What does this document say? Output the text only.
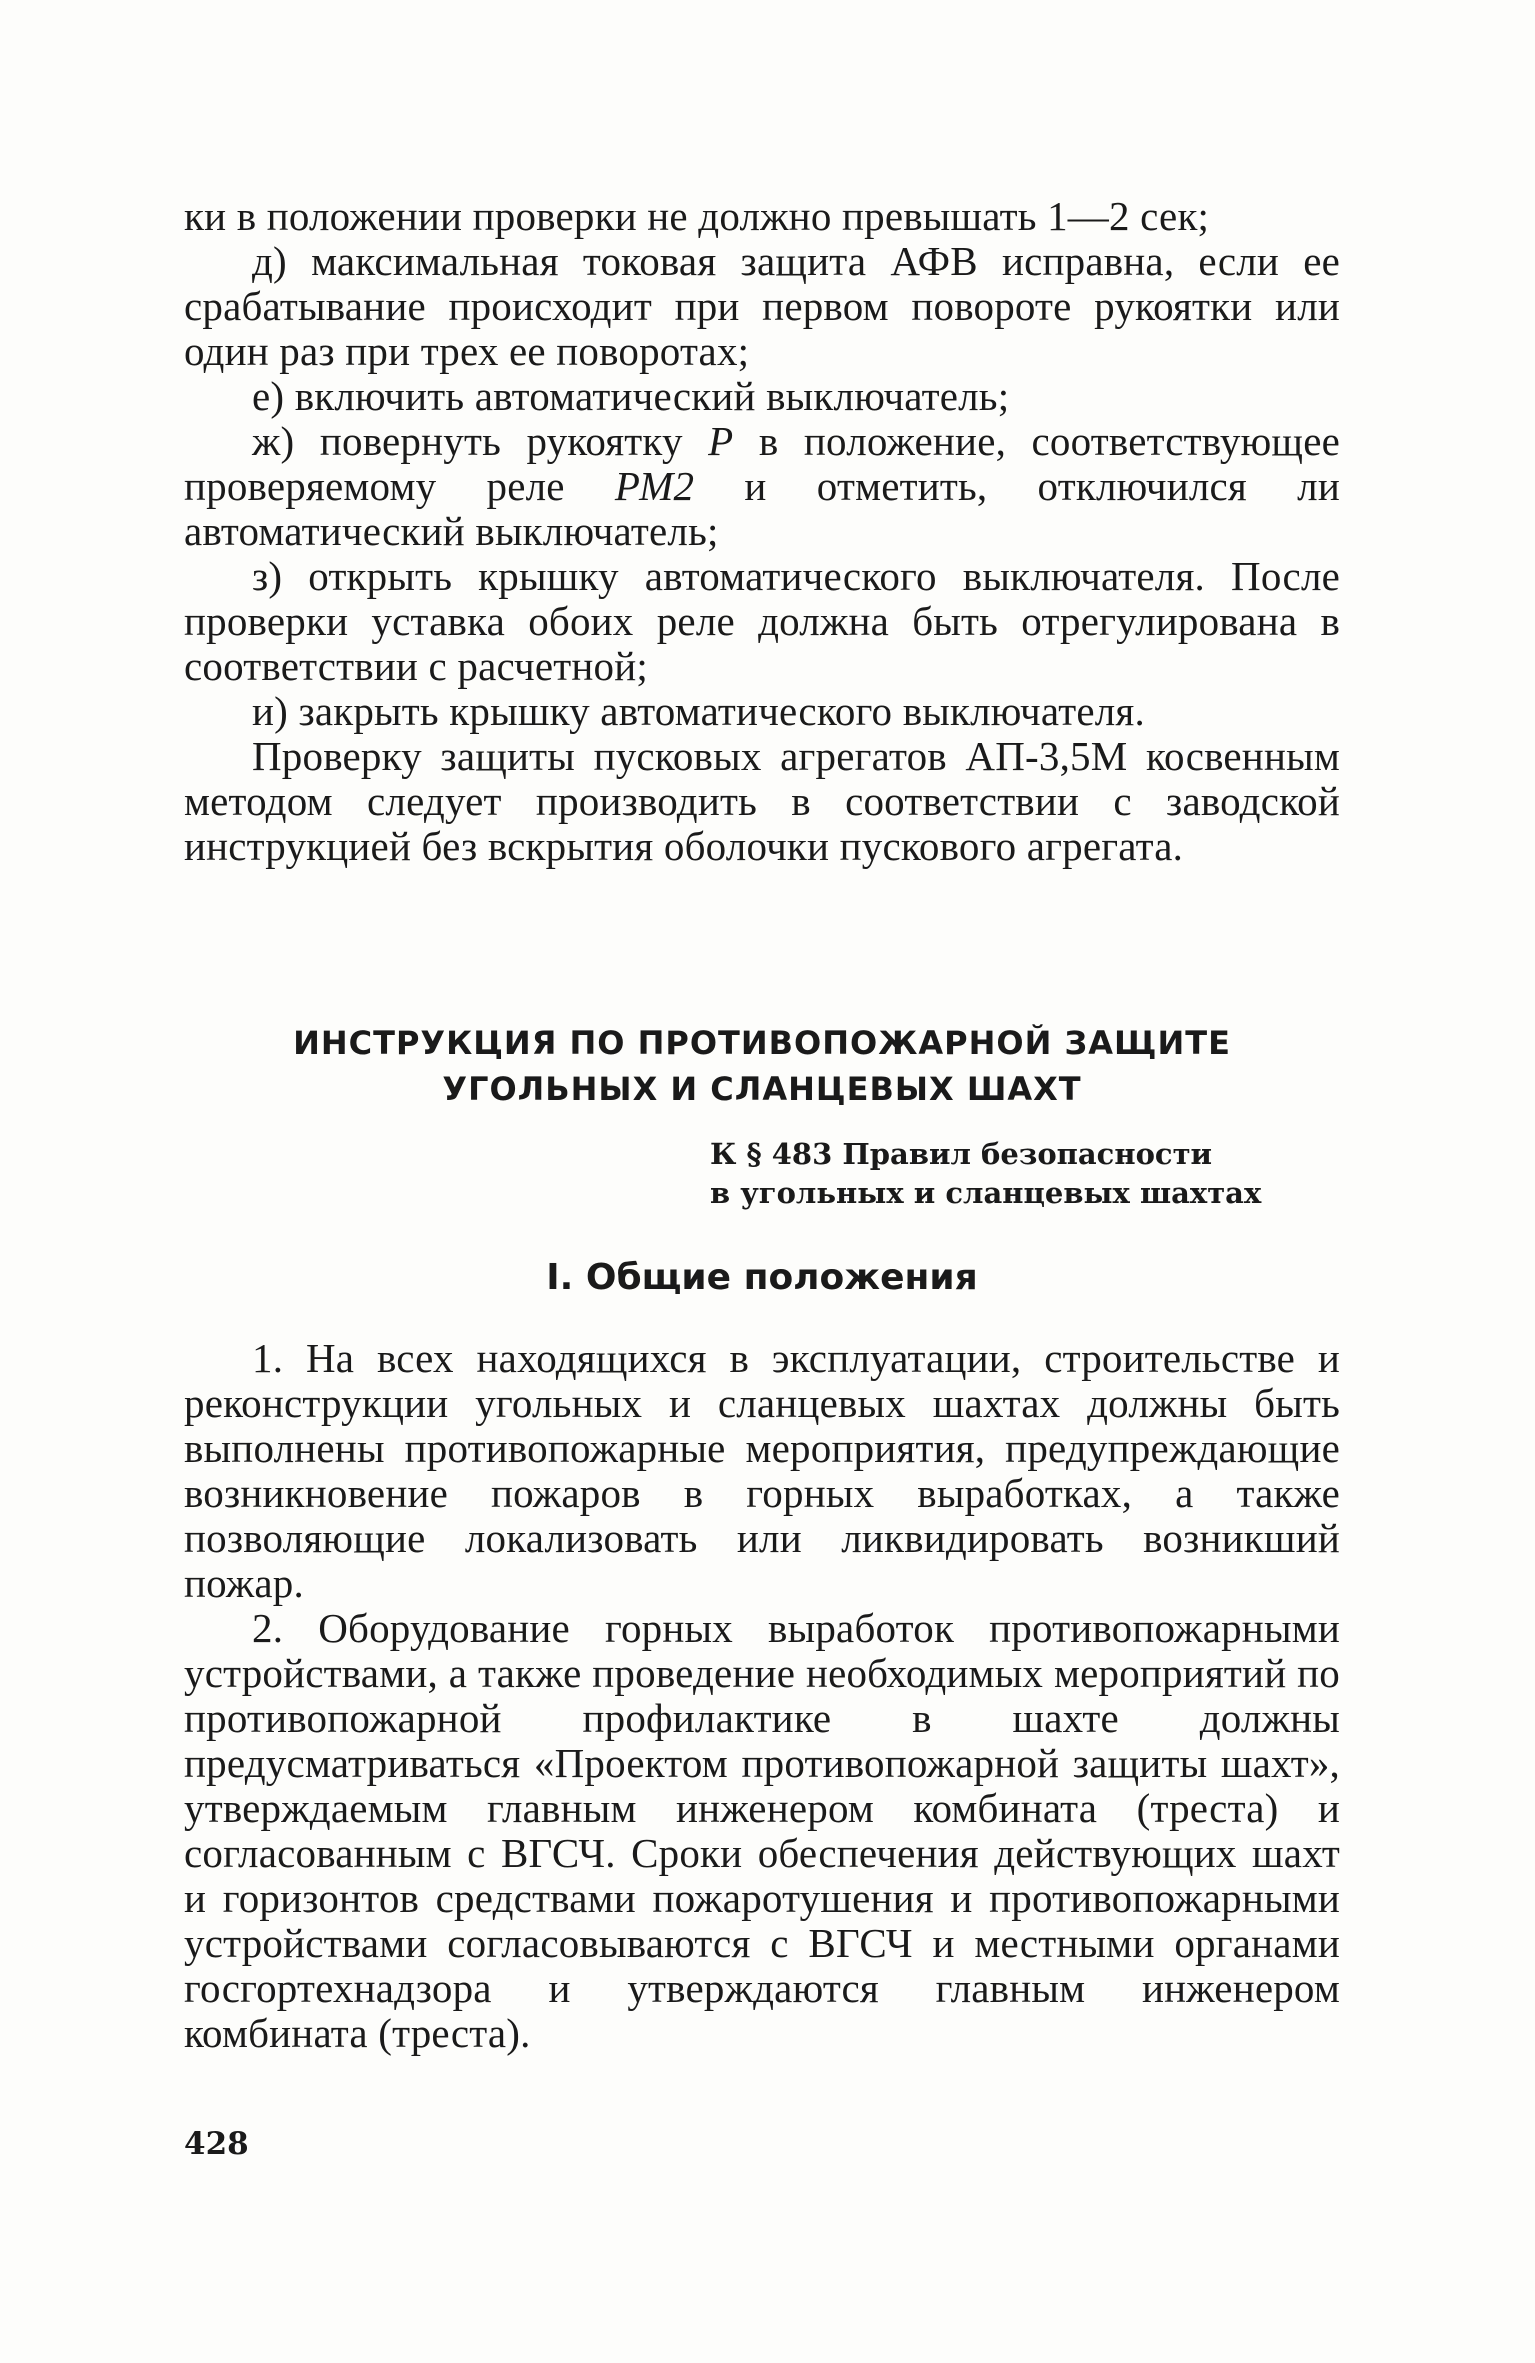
ки в положении проверки не должно превышать 1—2 сек;

д) максимальная токовая защита АФВ исправна, если ее срабатывание происходит при первом повороте рукоятки или один раз при трех ее поворотах;

е) включить автоматический выключатель;

ж) повернуть рукоятку Р в положение, соответствующее проверяемому реле РМ2 и отметить, отключился ли автоматический выключатель;

з) открыть крышку автоматического выключателя. После проверки уставка обоих реле должна быть отрегулирована в соответствии с расчетной;

и) закрыть крышку автоматического выключателя.

Проверку защиты пусковых агрегатов АП-3,5М косвенным методом следует производить в соответствии с заводской инструкцией без вскрытия оболочки пускового агрегата.

ИНСТРУКЦИЯ ПО ПРОТИВОПОЖАРНОЙ ЗАЩИТЕ
УГОЛЬНЫХ И СЛАНЦЕВЫХ ШАХТ
К § 483 Правил безопасности
в угольных и сланцевых шахтах
I. Общие положения

1. На всех находящихся в эксплуатации, строительстве и реконструкции угольных и сланцевых шахтах должны быть выполнены противопожарные мероприятия, предупреждающие возникновение пожаров в горных выработках, а также позволяющие локализовать или ликвидировать возникший пожар.

2. Оборудование горных выработок противопожарными устройствами, а также проведение необходимых мероприятий по противопожарной профилактике в шахте должны предусматриваться «Проектом противопожарной защиты шахт», утверждаемым главным инженером комбината (треста) и согласованным с ВГСЧ. Сроки обеспечения действующих шахт и горизонтов средствами пожаротушения и противопожарными устройствами согласовываются с ВГСЧ и местными органами госгортехнадзора и утверждаются главным инженером комбината (треста).

428
